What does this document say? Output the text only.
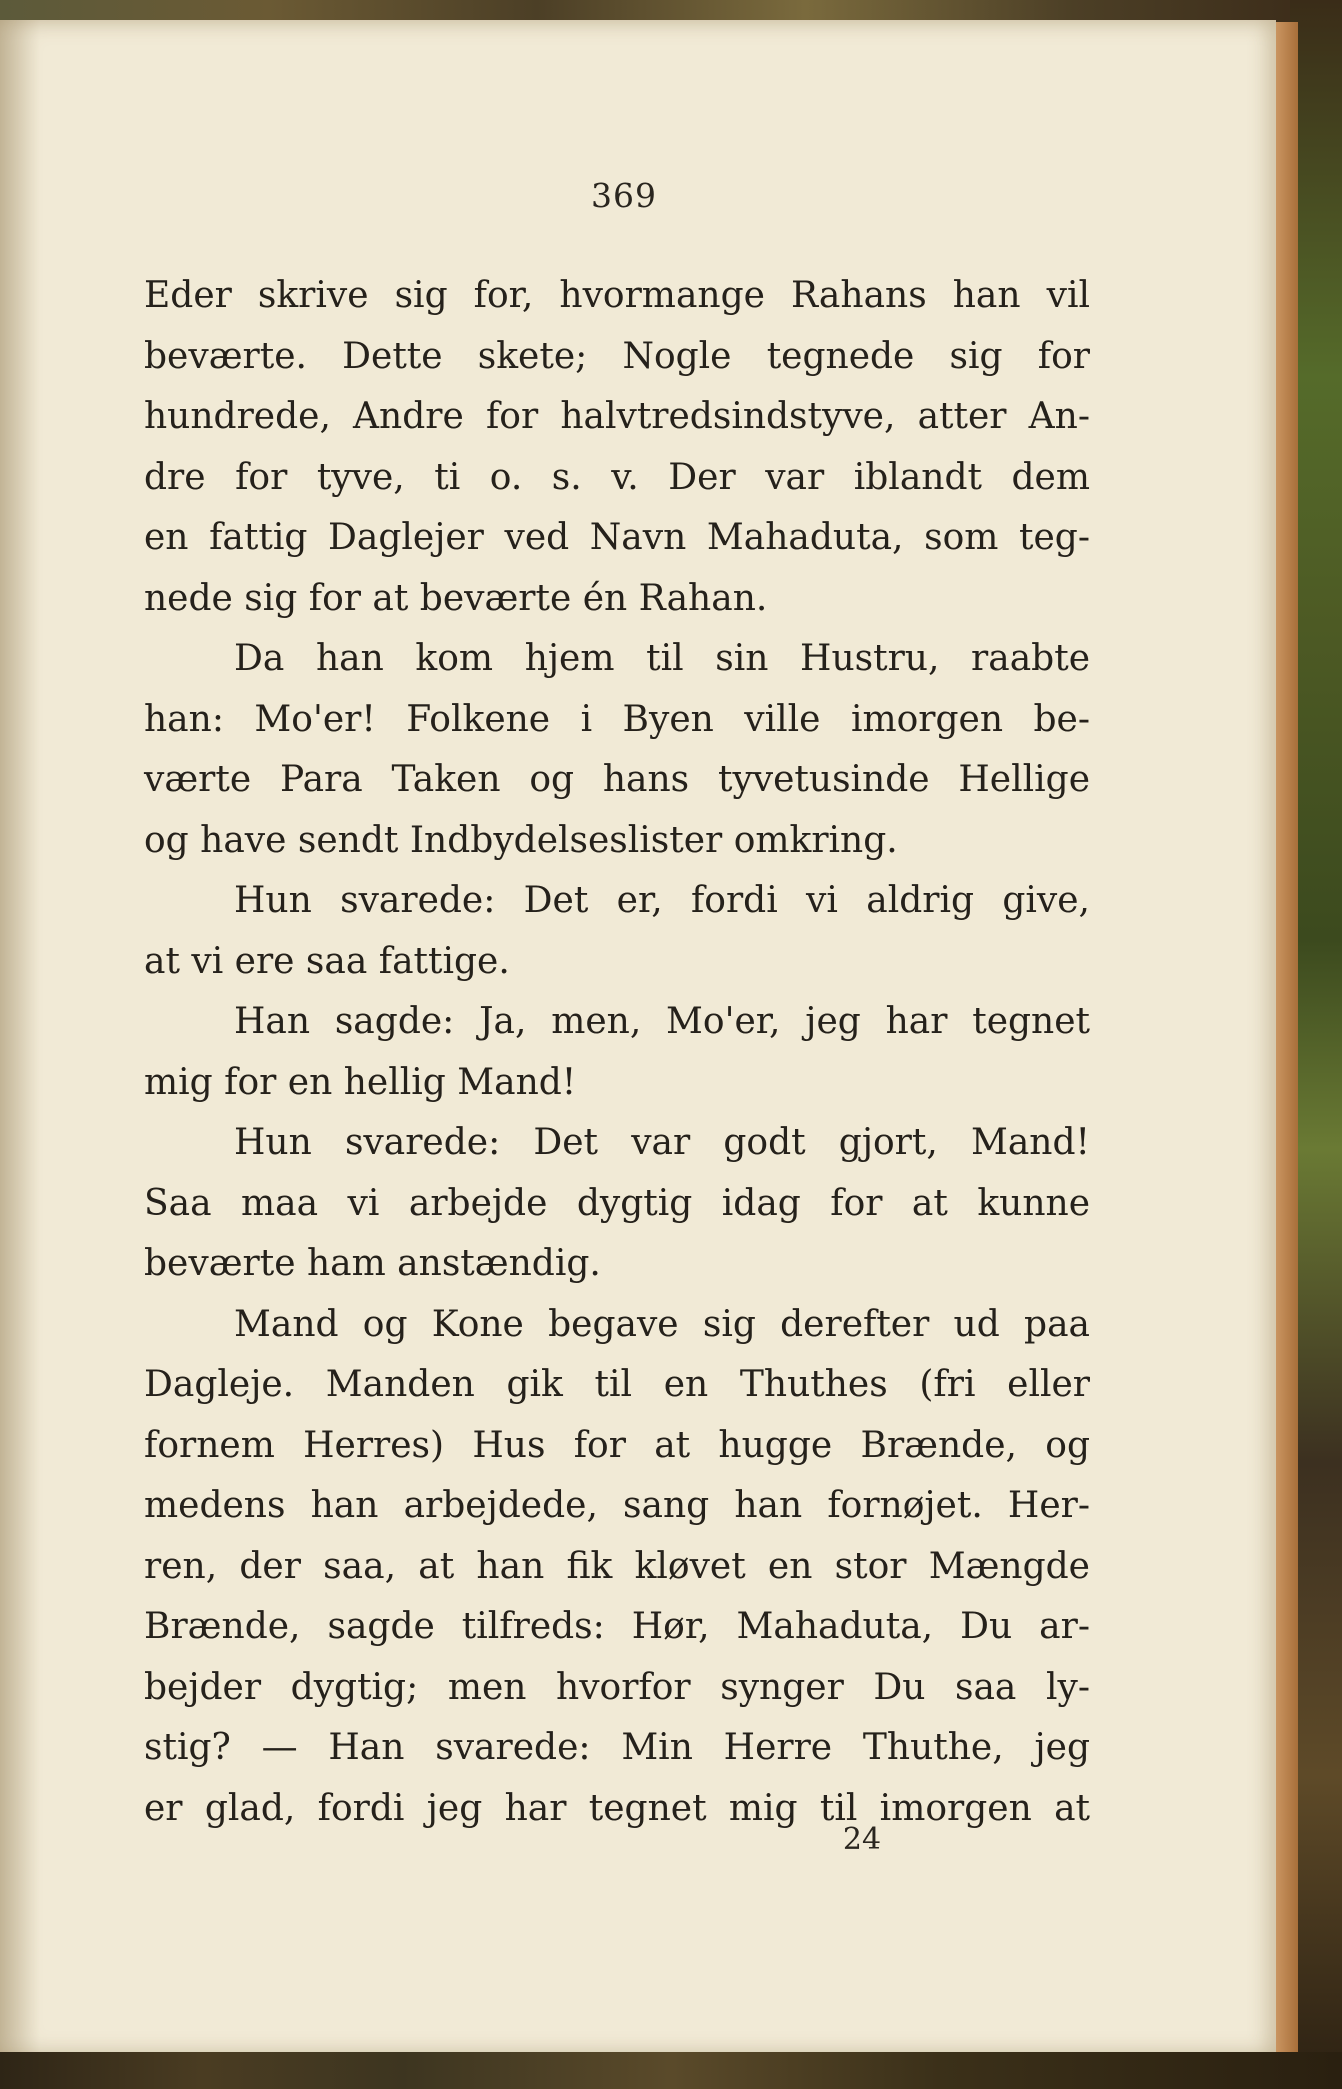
369
Eder skrive sig for, hvormange Rahans han vil
beværte. Dette skete; Nogle tegnede sig for
hundrede, Andre for halvtredsindstyve, atter An-
dre for tyve, ti o. s. v. Der var iblandt dem
en fattig Daglejer ved Navn Mahaduta, som teg-
nede sig for at beværte én Rahan.
Da han kom hjem til sin Hustru, raabte
han: Mo'er! Folkene i Byen ville imorgen be-
værte Para Taken og hans tyvetusinde Hellige
og have sendt Indbydelseslister omkring.
Hun svarede: Det er, fordi vi aldrig give,
at vi ere saa fattige.
Han sagde: Ja, men, Mo'er, jeg har tegnet
mig for en hellig Mand!
Hun svarede: Det var godt gjort, Mand!
Saa maa vi arbejde dygtig idag for at kunne
beværte ham anstændig.
Mand og Kone begave sig derefter ud paa
Dagleje. Manden gik til en Thuthes (fri eller
fornem Herres) Hus for at hugge Brænde, og
medens han arbejdede, sang han fornøjet. Her-
ren, der saa, at han fik kløvet en stor Mængde
Brænde, sagde tilfreds: Hør, Mahaduta, Du ar-
bejder dygtig; men hvorfor synger Du saa ly-
stig? — Han svarede: Min Herre Thuthe, jeg
er glad, fordi jeg har tegnet mig til imorgen at
24
